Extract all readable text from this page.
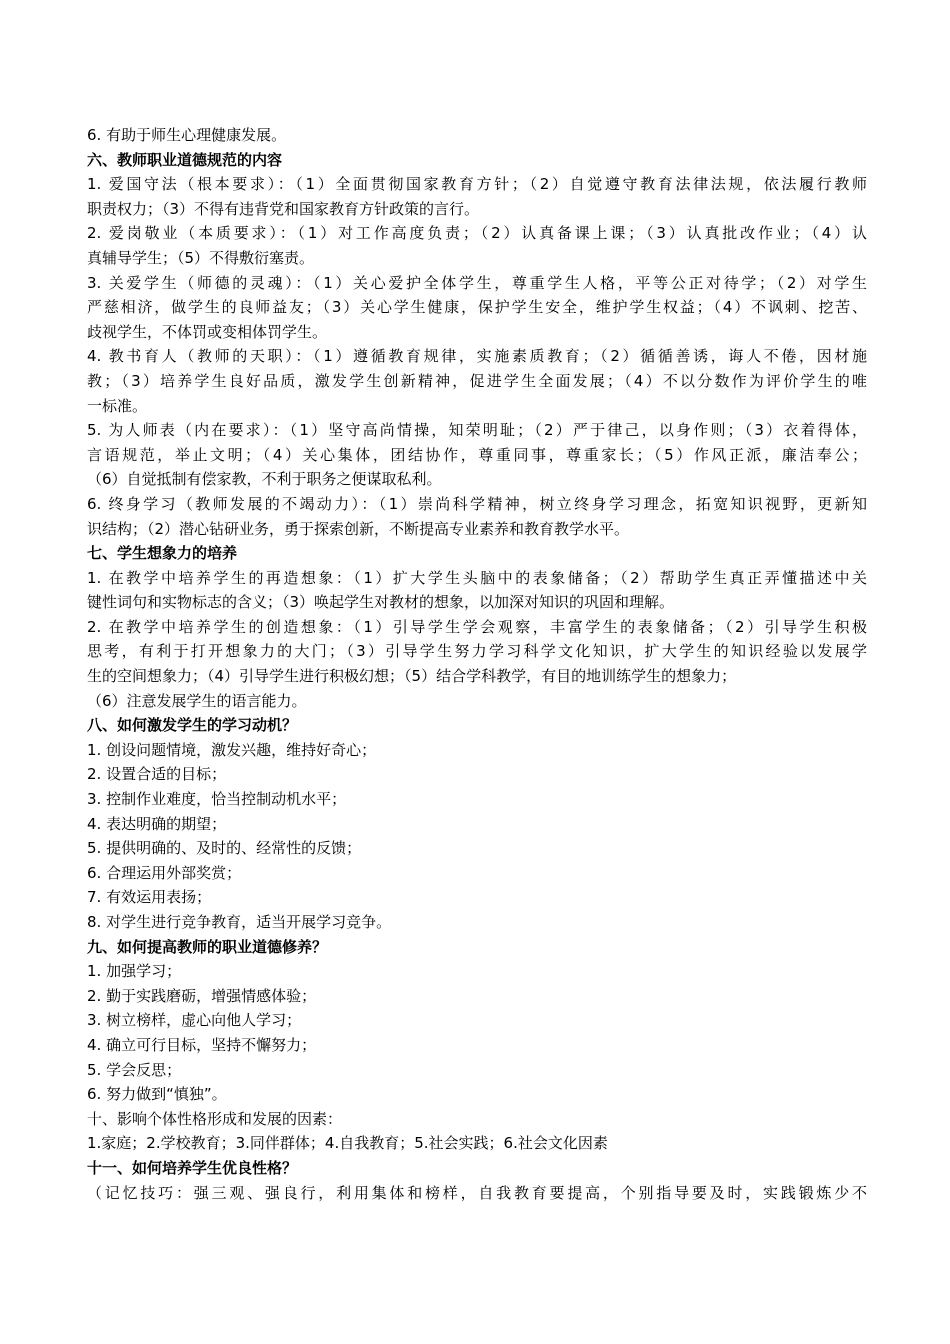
6. 有助于师生心理健康发展。
六、教师职业道德规范的内容
1. 爱国守法（根本要求）：（1）全面贯彻国家教育方针；（2）自觉遵守教育法律法规，依法履行教师
职责权力；（3）不得有违背党和国家教育方针政策的言行。
2. 爱岗敬业（本质要求）：（1）对工作高度负责；（2）认真备课上课；（3）认真批改作业；（4）认
真辅导学生；（5）不得敷衍塞责。
3. 关爱学生（师德的灵魂）：（1）关心爱护全体学生，尊重学生人格，平等公正对待学；（2）对学生
严慈相济，做学生的良师益友；（3）关心学生健康，保护学生安全，维护学生权益；（4）不讽刺、挖苦、
歧视学生，不体罚或变相体罚学生。
4. 教书育人（教师的天职）：（1）遵循教育规律，实施素质教育；（2）循循善诱，诲人不倦，因材施
教；（3）培养学生良好品质，激发学生创新精神，促进学生全面发展；（4）不以分数作为评价学生的唯
一标准。
5. 为人师表（内在要求）：（1）坚守高尚情操，知荣明耻；（2）严于律己，以身作则；（3）衣着得体，
言语规范，举止文明；（4）关心集体，团结协作，尊重同事，尊重家长；（5）作风正派，廉洁奉公；
（6）自觉抵制有偿家教，不利于职务之便谋取私利。
6. 终身学习（教师发展的不竭动力）：（1）崇尚科学精神，树立终身学习理念，拓宽知识视野，更新知
识结构；（2）潜心钻研业务，勇于探索创新，不断提高专业素养和教育教学水平。
七、学生想象力的培养
1. 在教学中培养学生的再造想象：（1）扩大学生头脑中的表象储备；（2）帮助学生真正弄懂描述中关
键性词句和实物标志的含义；（3）唤起学生对教材的想象，以加深对知识的巩固和理解。
2. 在教学中培养学生的创造想象：（1）引导学生学会观察，丰富学生的表象储备；（2）引导学生积极
思考，有利于打开想象力的大门；（3）引导学生努力学习科学文化知识，扩大学生的知识经验以发展学
生的空间想象力；（4）引导学生进行积极幻想；（5）结合学科教学，有目的地训练学生的想象力；
（6）注意发展学生的语言能力。
八、如何激发学生的学习动机？
1. 创设问题情境，激发兴趣，维持好奇心；
2. 设置合适的目标；
3. 控制作业难度，恰当控制动机水平；
4. 表达明确的期望；
5. 提供明确的、及时的、经常性的反馈；
6. 合理运用外部奖赏；
7. 有效运用表扬；
8. 对学生进行竞争教育，适当开展学习竞争。
九、如何提高教师的职业道德修养？
1. 加强学习；
2. 勤于实践磨砺，增强情感体验；
3. 树立榜样，虚心向他人学习；
4. 确立可行目标，坚持不懈努力；
5. 学会反思；
6. 努力做到“慎独”。
十、影响个体性格形成和发展的因素：
1.家庭；2.学校教育；3.同伴群体；4.自我教育；5.社会实践；6.社会文化因素
十一、如何培养学生优良性格？
（记忆技巧：强三观、强良行，利用集体和榜样，自我教育要提高，个别指导要及时，实践锻炼少不
